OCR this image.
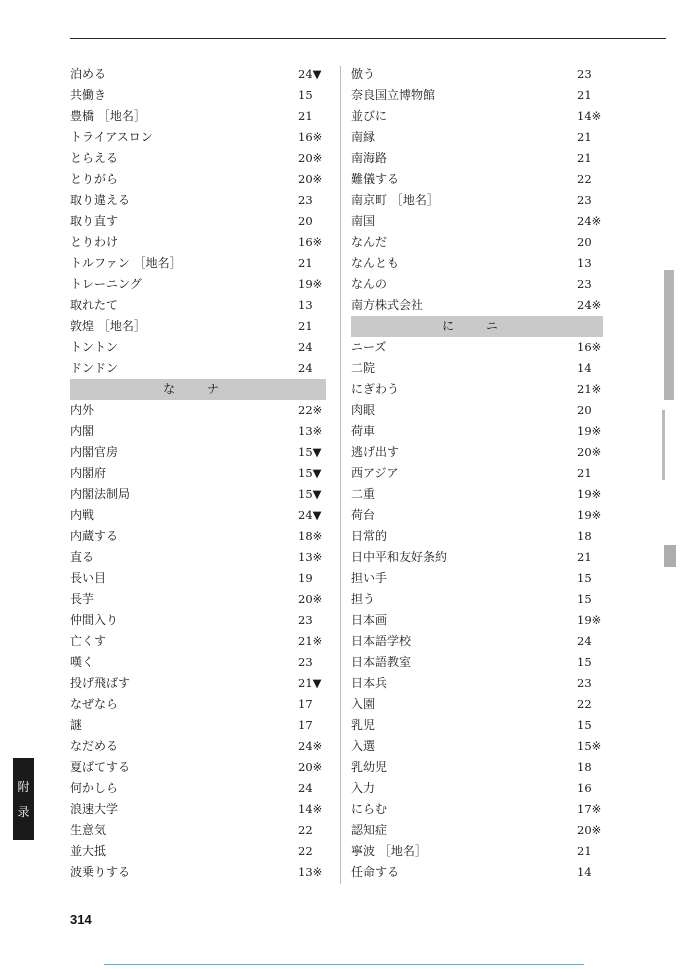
泊める	24▼
共働き	15
豊橋 ［地名］	21
トライアスロン	16※
とらえる	20※
とりがら	20※
取り違える	23
取り直す	20
とりわけ	16※
トルファン ［地名］	21
トレーニング	19※
取れたて	13
敦煌 ［地名］	21
トントン	24
ドンドン	24
な ナ
内外	22※
内閣	13※
内閣官房	15▼
内閣府	15▼
内閣法制局	15▼
内戦	24▼
内蔵する	18※
直る	13※
長い目	19
長芋	20※
仲間入り	23
亡くす	21※
嘆く	23
投げ飛ばす	21▼
なぜなら	17
謎	17
なだめる	24※
夏ばてする	20※
何かしら	24
浪速大学	14※
生意気	22
並大抵	22
波乗りする	13※
倣う	23
奈良国立博物館	21
並びに	14※
南縁	21
南海路	21
難儀する	22
南京町 ［地名］	23
南国	24※
なんだ	20
なんとも	13
なんの	23
南方株式会社	24※
に ニ
ニーズ	16※
二院	14
にぎわう	21※
肉眼	20
荷車	19※
逃げ出す	20※
西アジア	21
二重	19※
荷台	19※
日常的	18
日中平和友好条約	21
担い手	15
担う	15
日本画	19※
日本語学校	24
日本語教室	15
日本兵	23
入園	22
乳児	15
入選	15※
乳幼児	18
入力	16
にらむ	17※
認知症	20※
寧波 ［地名］	21
任命する	14
附
录
314
